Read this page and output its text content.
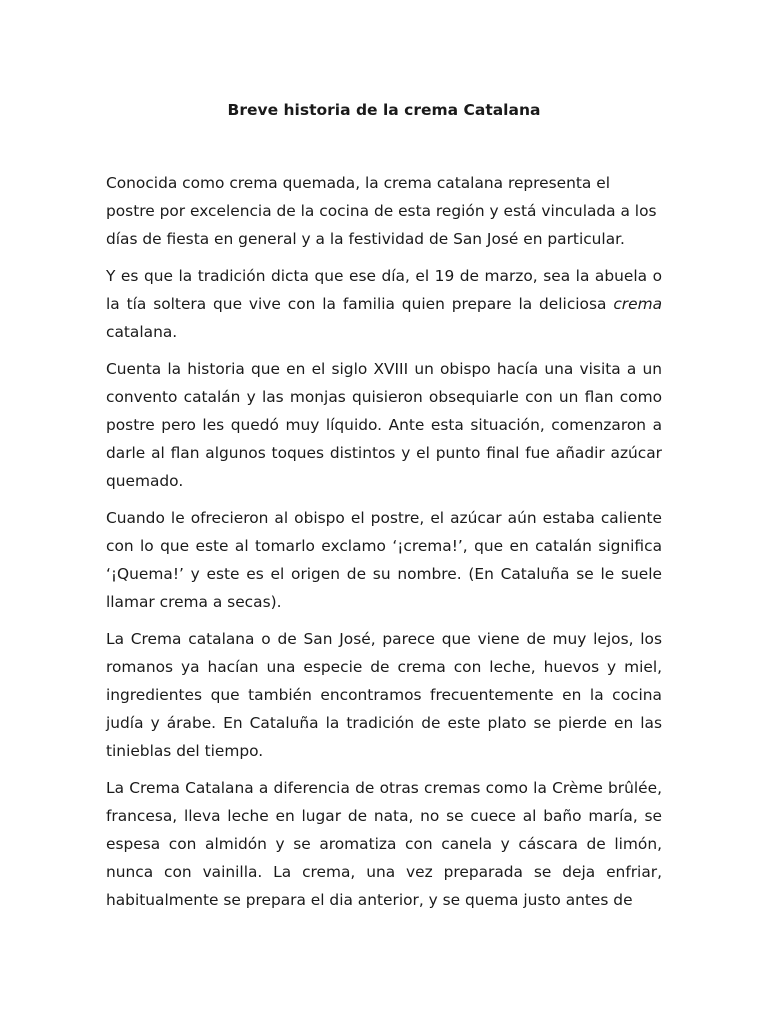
Breve historia de la crema Catalana

Conocida como crema quemada, la crema catalana representa el postre por excelencia de la cocina de esta región y está vinculada a los días de fiesta en general y a la festividad de San José en particular.

Y es que la tradición dicta que ese día, el 19 de marzo, sea la abuela o la tía soltera que vive con la familia quien prepare la deliciosa crema catalana.

Cuenta la historia que en el siglo XVIII un obispo hacía una visita a un convento catalán y las monjas quisieron obsequiarle con un flan como postre pero les quedó muy líquido. Ante esta situación, comenzaron a darle al flan algunos toques distintos y el punto final fue añadir azúcar quemado.

Cuando le ofrecieron al obispo el postre, el azúcar aún estaba caliente con lo que este al tomarlo exclamo ‘¡crema!’, que en catalán significa ‘¡Quema!’ y este es el origen de su nombre. (En Cataluña se le suele llamar crema a secas).

La Crema catalana o de San José, parece que viene de muy lejos, los romanos ya hacían una especie de crema con leche, huevos y miel, ingredientes que también encontramos frecuentemente en la cocina judía y árabe. En Cataluña la tradición de este plato se pierde en las tinieblas del tiempo.

La Crema Catalana a diferencia de otras cremas como la Crème brûlée, francesa, lleva leche en lugar de nata, no se cuece al baño maría, se espesa con almidón y se aromatiza con canela y cáscara de limón, nunca con vainilla. La crema, una vez preparada se deja enfriar, habitualmente se prepara el dia anterior, y se quema justo antes de
